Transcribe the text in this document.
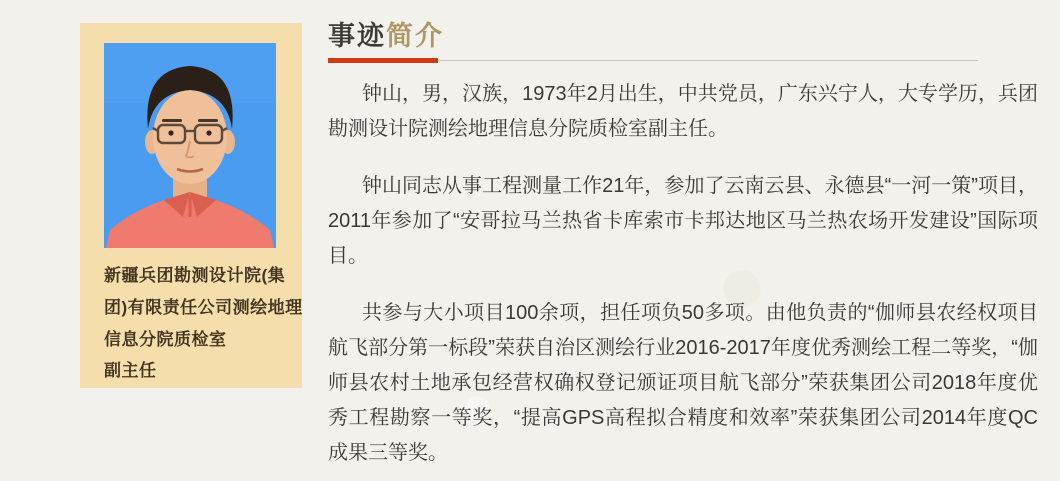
新疆兵团勘测设计院(集团)有限责任公司测绘地理信息分院质检室
副主任
事迹简介

钟山，男，汉族，1973年2月出生，中共党员，广东兴宁人，大专学历，兵团勘测设计院测绘地理信息分院质检室副主任。

钟山同志从事工程测量工作21年，参加了云南云县、永德县“一河一策”项目，2011年参加了“安哥拉马兰热省卡库索市卡邦达地区马兰热农场开发建设”国际项目。

共参与大小项目100余项，担任项负50多项。由他负责的“伽师县农经权项目航飞部分第一标段”荣获自治区测绘行业2016-2017年度优秀测绘工程二等奖，“伽师县农村土地承包经营权确权登记颁证项目航飞部分”荣获集团公司2018年度优秀工程勘察一等奖，“提高GPS高程拟合精度和效率”荣获集团公司2014年度QC成果三等奖。
